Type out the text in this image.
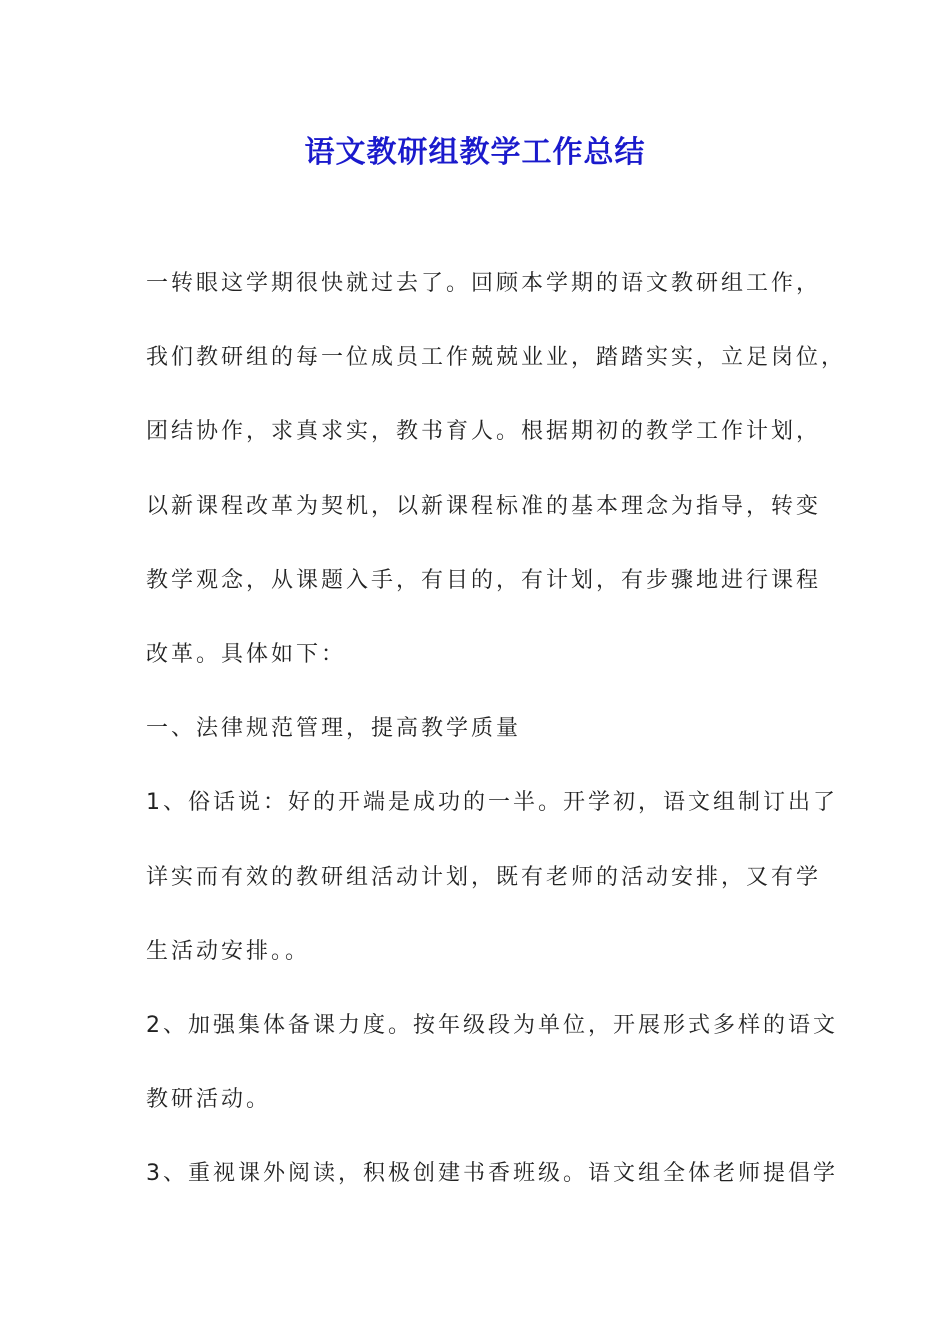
语文教研组教学工作总结
一转眼这学期很快就过去了。回顾本学期的语文教研组工作，
我们教研组的每一位成员工作兢兢业业，踏踏实实，立足岗位，
团结协作，求真求实，教书育人。根据期初的教学工作计划，
以新课程改革为契机，以新课程标准的基本理念为指导，转变
教学观念，从课题入手，有目的，有计划，有步骤地进行课程
改革。具体如下：
一、法律规范管理，提高教学质量
1、俗话说：好的开端是成功的一半。开学初，语文组制订出了
详实而有效的教研组活动计划，既有老师的活动安排，又有学
生活动安排。。
2、加强集体备课力度。按年级段为单位，开展形式多样的语文
教研活动。
3、重视课外阅读，积极创建书香班级。语文组全体老师提倡学
